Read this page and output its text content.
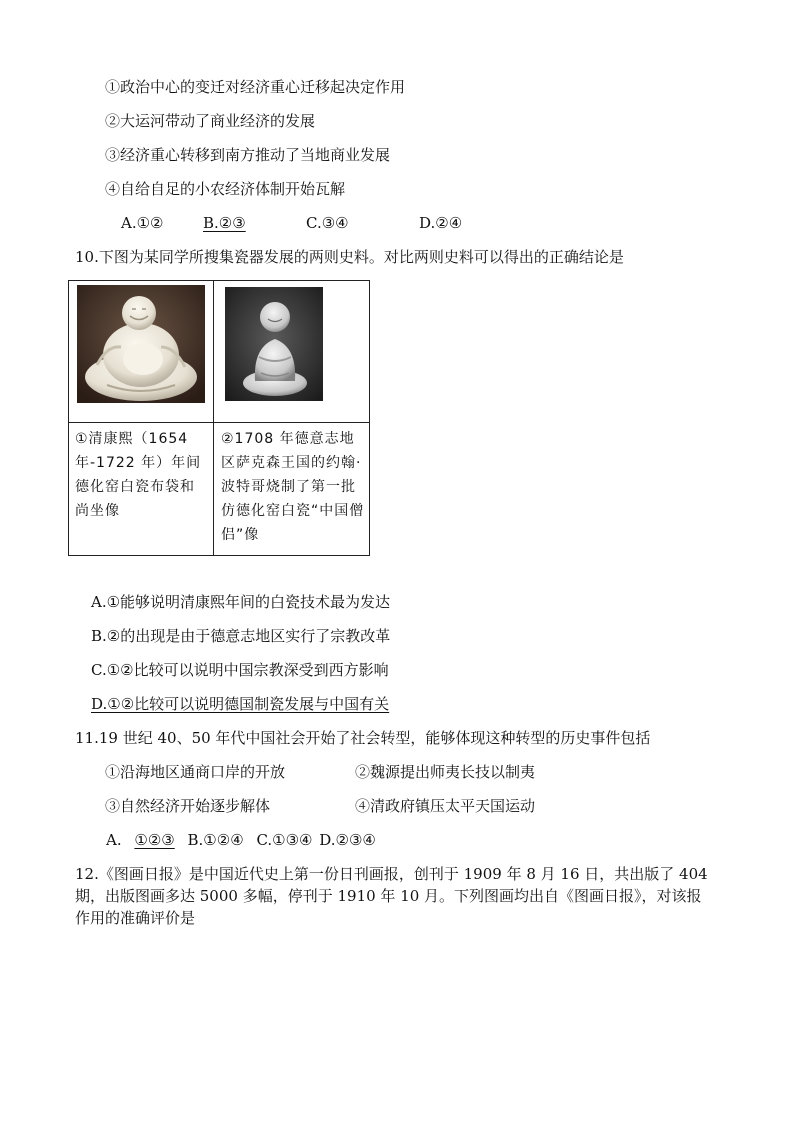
①政治中心的变迁对经济重心迁移起决定作用
②大运河带动了商业经济的发展
③经济重心转移到南方推动了当地商业发展
④自给自足的小农经济体制开始瓦解
A.①②	B.②③	C.③④	D.②④
10.下图为某同学所搜集瓷器发展的两则史料。对比两则史料可以得出的正确结论是
①清康熙（1654 年-1722 年）年间德化窑白瓷布袋和尚坐像
②1708 年德意志地区萨克森王国的约翰·波特哥烧制了第一批仿德化窑白瓷“中国僧侣”像
A.①能够说明清康熙年间的白瓷技术最为发达
B.②的出现是由于德意志地区实行了宗教改革
C.①②比较可以说明中国宗教深受到西方影响
D.①②比较可以说明德国制瓷发展与中国有关
11.19 世纪 40、50 年代中国社会开始了社会转型，能够体现这种转型的历史事件包括
①沿海地区通商口岸的开放	②魏源提出师夷长技以制夷
③自然经济开始逐步解体	④清政府镇压太平天国运动
A. ①②③ B.①②④ C.①③④ D.②③④
12.《图画日报》是中国近代史上第一份日刊画报，创刊于 1909 年 8 月 16 日，共出版了 404
期，出版图画多达 5000 多幅，停刊于 1910 年 10 月。下列图画均出自《图画日报》，对该报
作用的准确评价是
